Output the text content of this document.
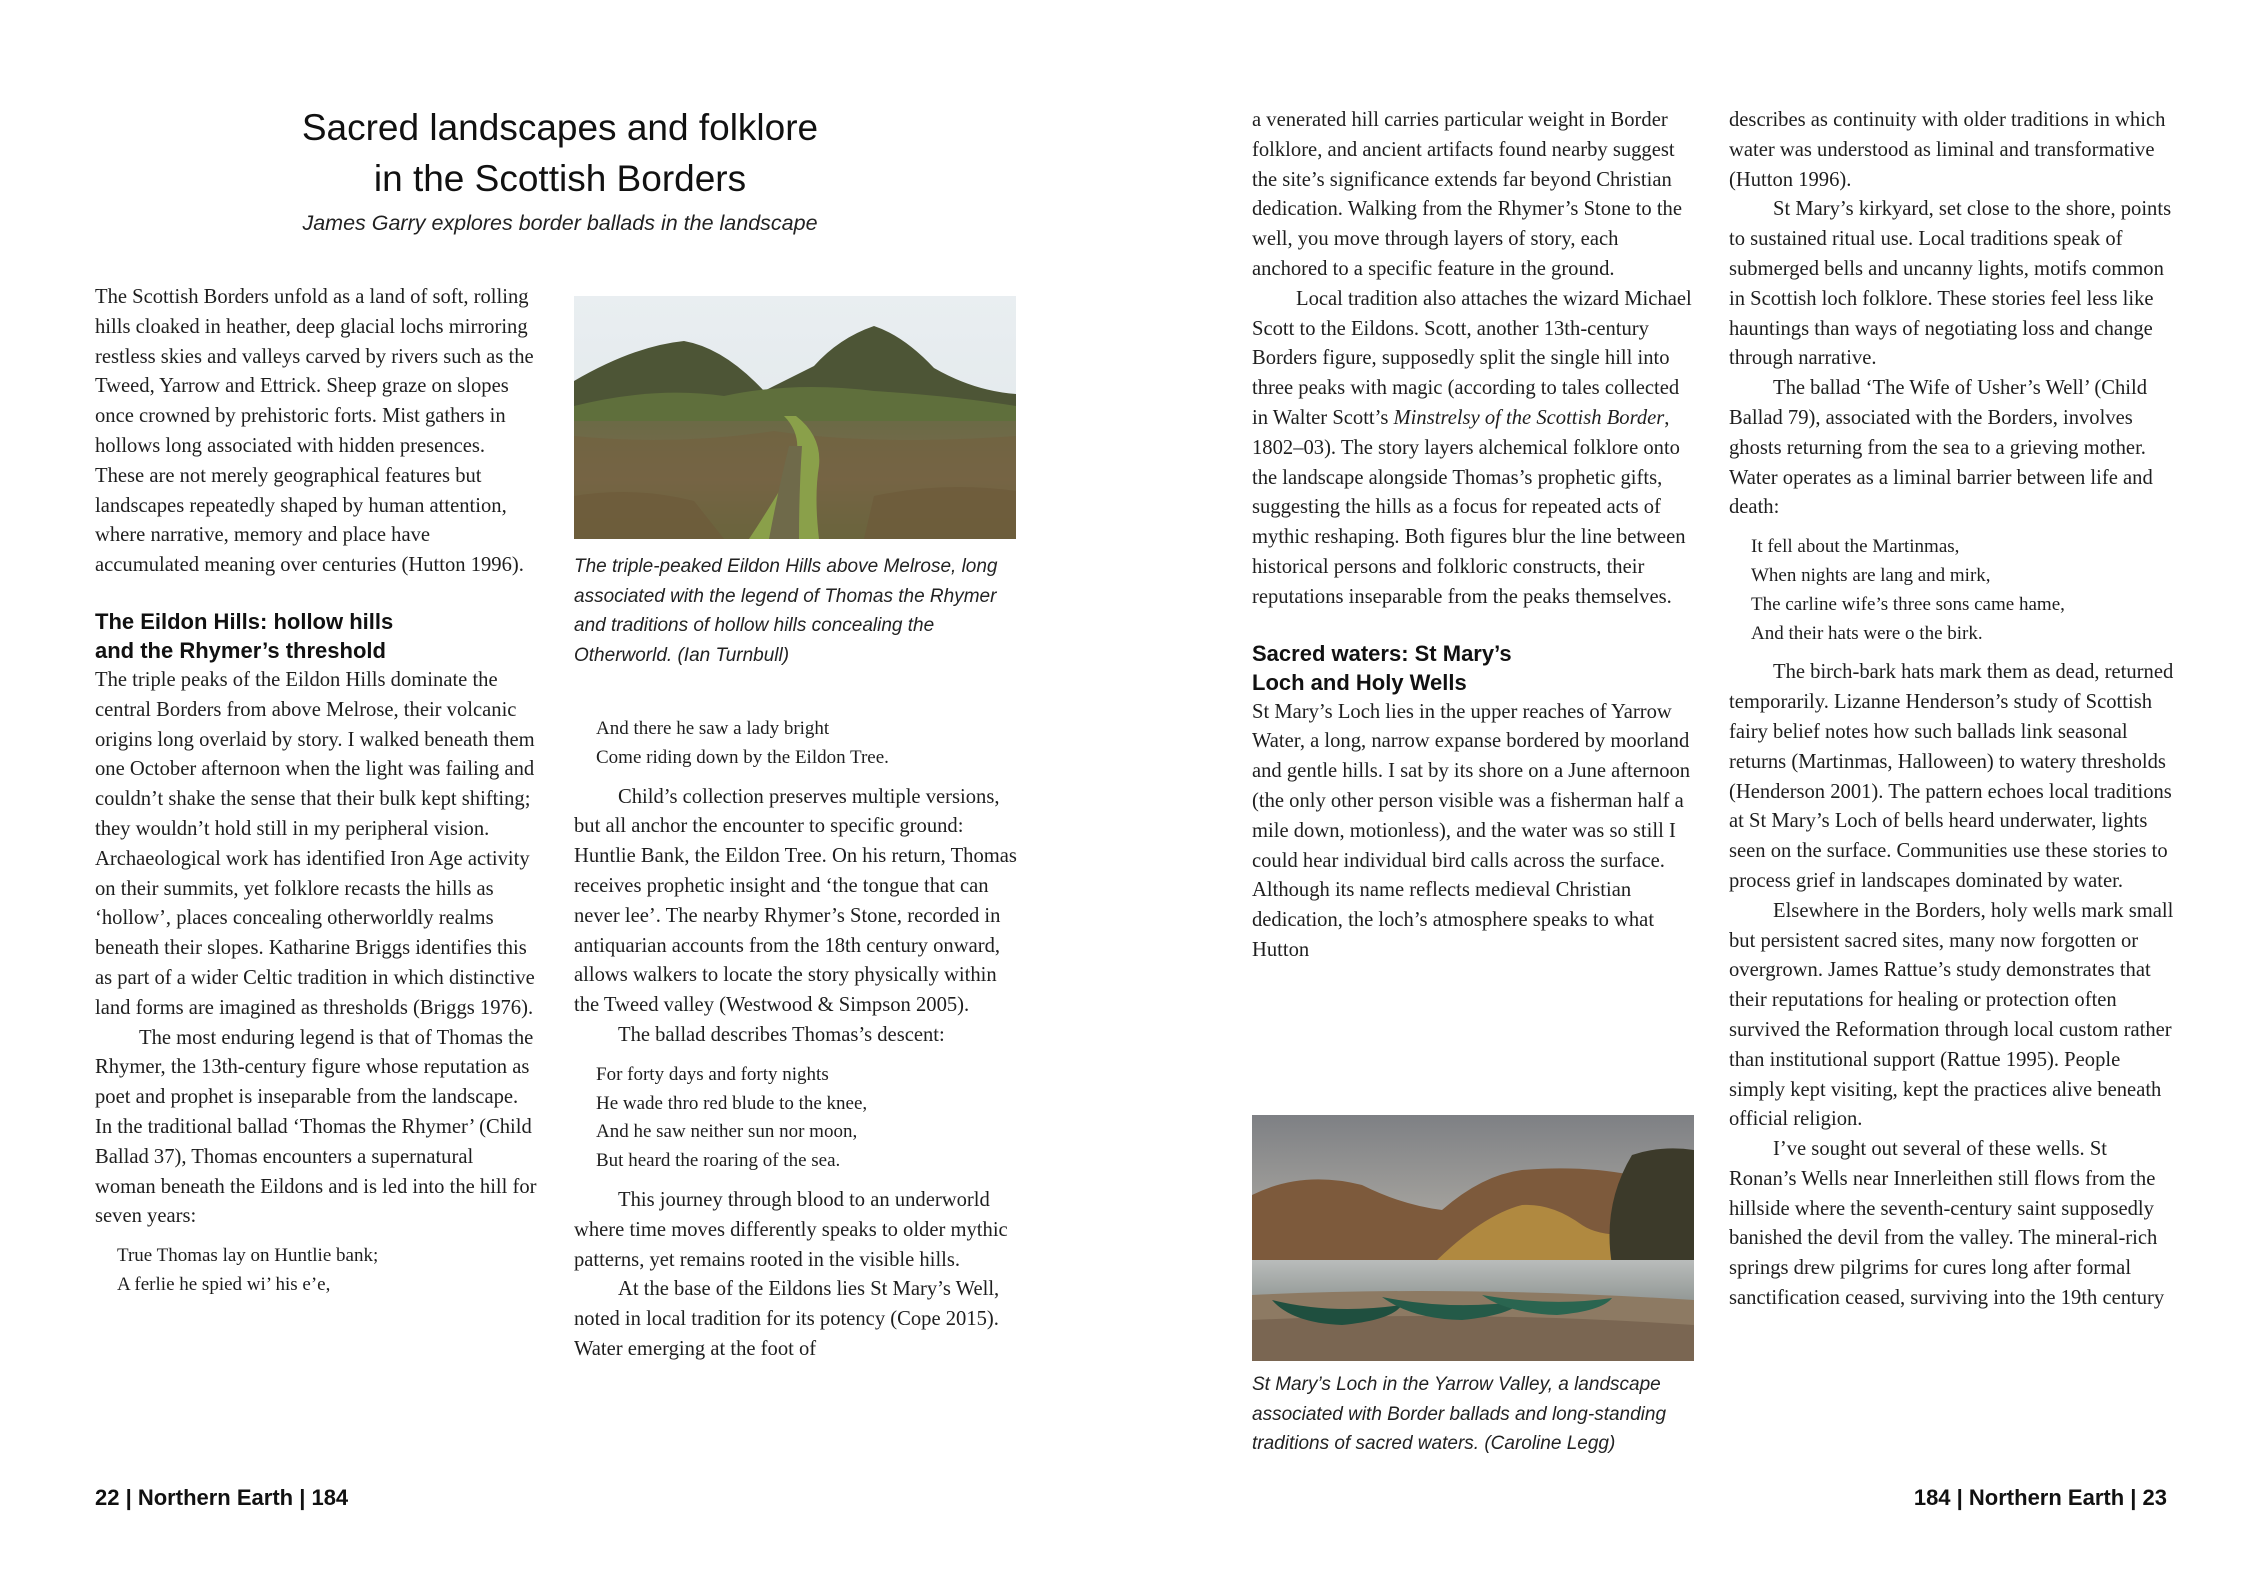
Sacred landscapes and folklore
in the Scottish Borders
James Garry explores border ballads in the landscape

The Scottish Borders unfold as a land of soft, rolling hills cloaked in heather, deep glacial lochs mirroring restless skies and valleys carved by rivers such as the Tweed, Yarrow and Ettrick. Sheep graze on slopes once crowned by prehistoric forts. Mist gathers in hollows long associated with hidden presences. These are not merely geographical features but landscapes repeatedly shaped by human attention, where narrative, memory and place have accumulated meaning over centuries (Hutton 1996).

The Eildon Hills: hollow hills
and the Rhymer’s threshold

The triple peaks of the Eildon Hills dominate the central Borders from above Melrose, their volcanic origins long overlaid by story. I walked beneath them one October afternoon when the light was failing and couldn’t shake the sense that their bulk kept shifting; they wouldn’t hold still in my peripheral vision. Archaeological work has identified Iron Age activity on their summits, yet folklore recasts the hills as ‘hollow’, places concealing otherworldly realms beneath their slopes. Katharine Briggs identifies this as part of a wider Celtic tradition in which distinctive land forms are imagined as thresholds (Briggs 1976).

The most enduring legend is that of Thomas the Rhymer, the 13th-century figure whose reputation as poet and prophet is inseparable from the landscape. In the traditional ballad ‘Thomas the Rhymer’ (Child Ballad 37), Thomas encounters a supernatural woman beneath the Eildons and is led into the hill for seven years:

True Thomas lay on Huntlie bank;
A ferlie he spied wi’ his e’e,
The triple-peaked Eildon Hills above Melrose, long associated with the legend of Thomas the Rhymer and traditions of hollow hills concealing the Otherworld. (Ian Turnbull)
And there he saw a lady bright
Come riding down by the Eildon Tree.

Child’s collection preserves multiple versions, but all anchor the encounter to specific ground: Huntlie Bank, the Eildon Tree. On his return, Thomas receives prophetic insight and ‘the tongue that can never lee’. The nearby Rhymer’s Stone, recorded in antiquarian accounts from the 18th century onward, allows walkers to locate the story physically within the Tweed valley (Westwood & Simpson 2005).

The ballad describes Thomas’s descent:

For forty days and forty nights
He wade thro red blude to the knee,
And he saw neither sun nor moon,
But heard the roaring of the sea.

This journey through blood to an underworld where time moves differently speaks to older mythic patterns, yet remains rooted in the visible hills.

At the base of the Eildons lies St Mary’s Well, noted in local tradition for its potency (Cope 2015). Water emerging at the foot of

a venerated hill carries particular weight in Border folklore, and ancient artifacts found nearby suggest the site’s significance extends far beyond Christian dedication. Walking from the Rhymer’s Stone to the well, you move through layers of story, each anchored to a specific feature in the ground.

Local tradition also attaches the wizard Michael Scott to the Eildons. Scott, another 13th-century Borders figure, supposedly split the single hill into three peaks with magic (according to tales collected in Walter Scott’s Minstrelsy of the Scottish Border, 1802–03). The story layers alchemical folklore onto the landscape alongside Thomas’s prophetic gifts, suggesting the hills as a focus for repeated acts of mythic reshaping. Both figures blur the line between historical persons and folkloric constructs, their reputations inseparable from the peaks themselves.

Sacred waters: St Mary’s
Loch and Holy Wells

St Mary’s Loch lies in the upper reaches of Yarrow Water, a long, narrow expanse bordered by moorland and gentle hills. I sat by its shore on a June afternoon (the only other person visible was a fisherman half a mile down, motionless), and the water was so still I could hear individual bird calls across the surface. Although its name reflects medieval Christian dedication, the loch’s atmosphere speaks to what Hutton

St Mary’s Loch in the Yarrow Valley, a landscape associated with Border ballads and long-standing traditions of sacred waters. (Caroline Legg)

describes as continuity with older traditions in which water was understood as liminal and transformative (Hutton 1996).

St Mary’s kirkyard, set close to the shore, points to sustained ritual use. Local traditions speak of submerged bells and uncanny lights, motifs common in Scottish loch folklore. These stories feel less like hauntings than ways of negotiating loss and change through narrative.

The ballad ‘The Wife of Usher’s Well’ (Child Ballad 79), associated with the Borders, involves ghosts returning from the sea to a grieving mother. Water operates as a liminal barrier between life and death:

It fell about the Martinmas,
When nights are lang and mirk,
The carline wife’s three sons came hame,
And their hats were o the birk.

The birch-bark hats mark them as dead, returned temporarily. Lizanne Henderson’s study of Scottish fairy belief notes how such ballads link seasonal returns (Martinmas, Halloween) to watery thresholds (Henderson 2001). The pattern echoes local traditions at St Mary’s Loch of bells heard underwater, lights seen on the surface. Communities use these stories to process grief in landscapes dominated by water.

Elsewhere in the Borders, holy wells mark small but persistent sacred sites, many now forgotten or overgrown. James Rattue’s study demonstrates that their reputations for healing or protection often survived the Reformation through local custom rather than institutional support (Rattue 1995). People simply kept visiting, kept the practices alive beneath official religion.

I’ve sought out several of these wells. St Ronan’s Wells near Innerleithen still flows from the hillside where the seventh-century saint supposedly banished the devil from the valley. The mineral-rich springs drew pilgrims for cures long after formal sanctification ceased, surviving into the 19th century

22 | Northern Earth | 184	184 | Northern Earth | 23
